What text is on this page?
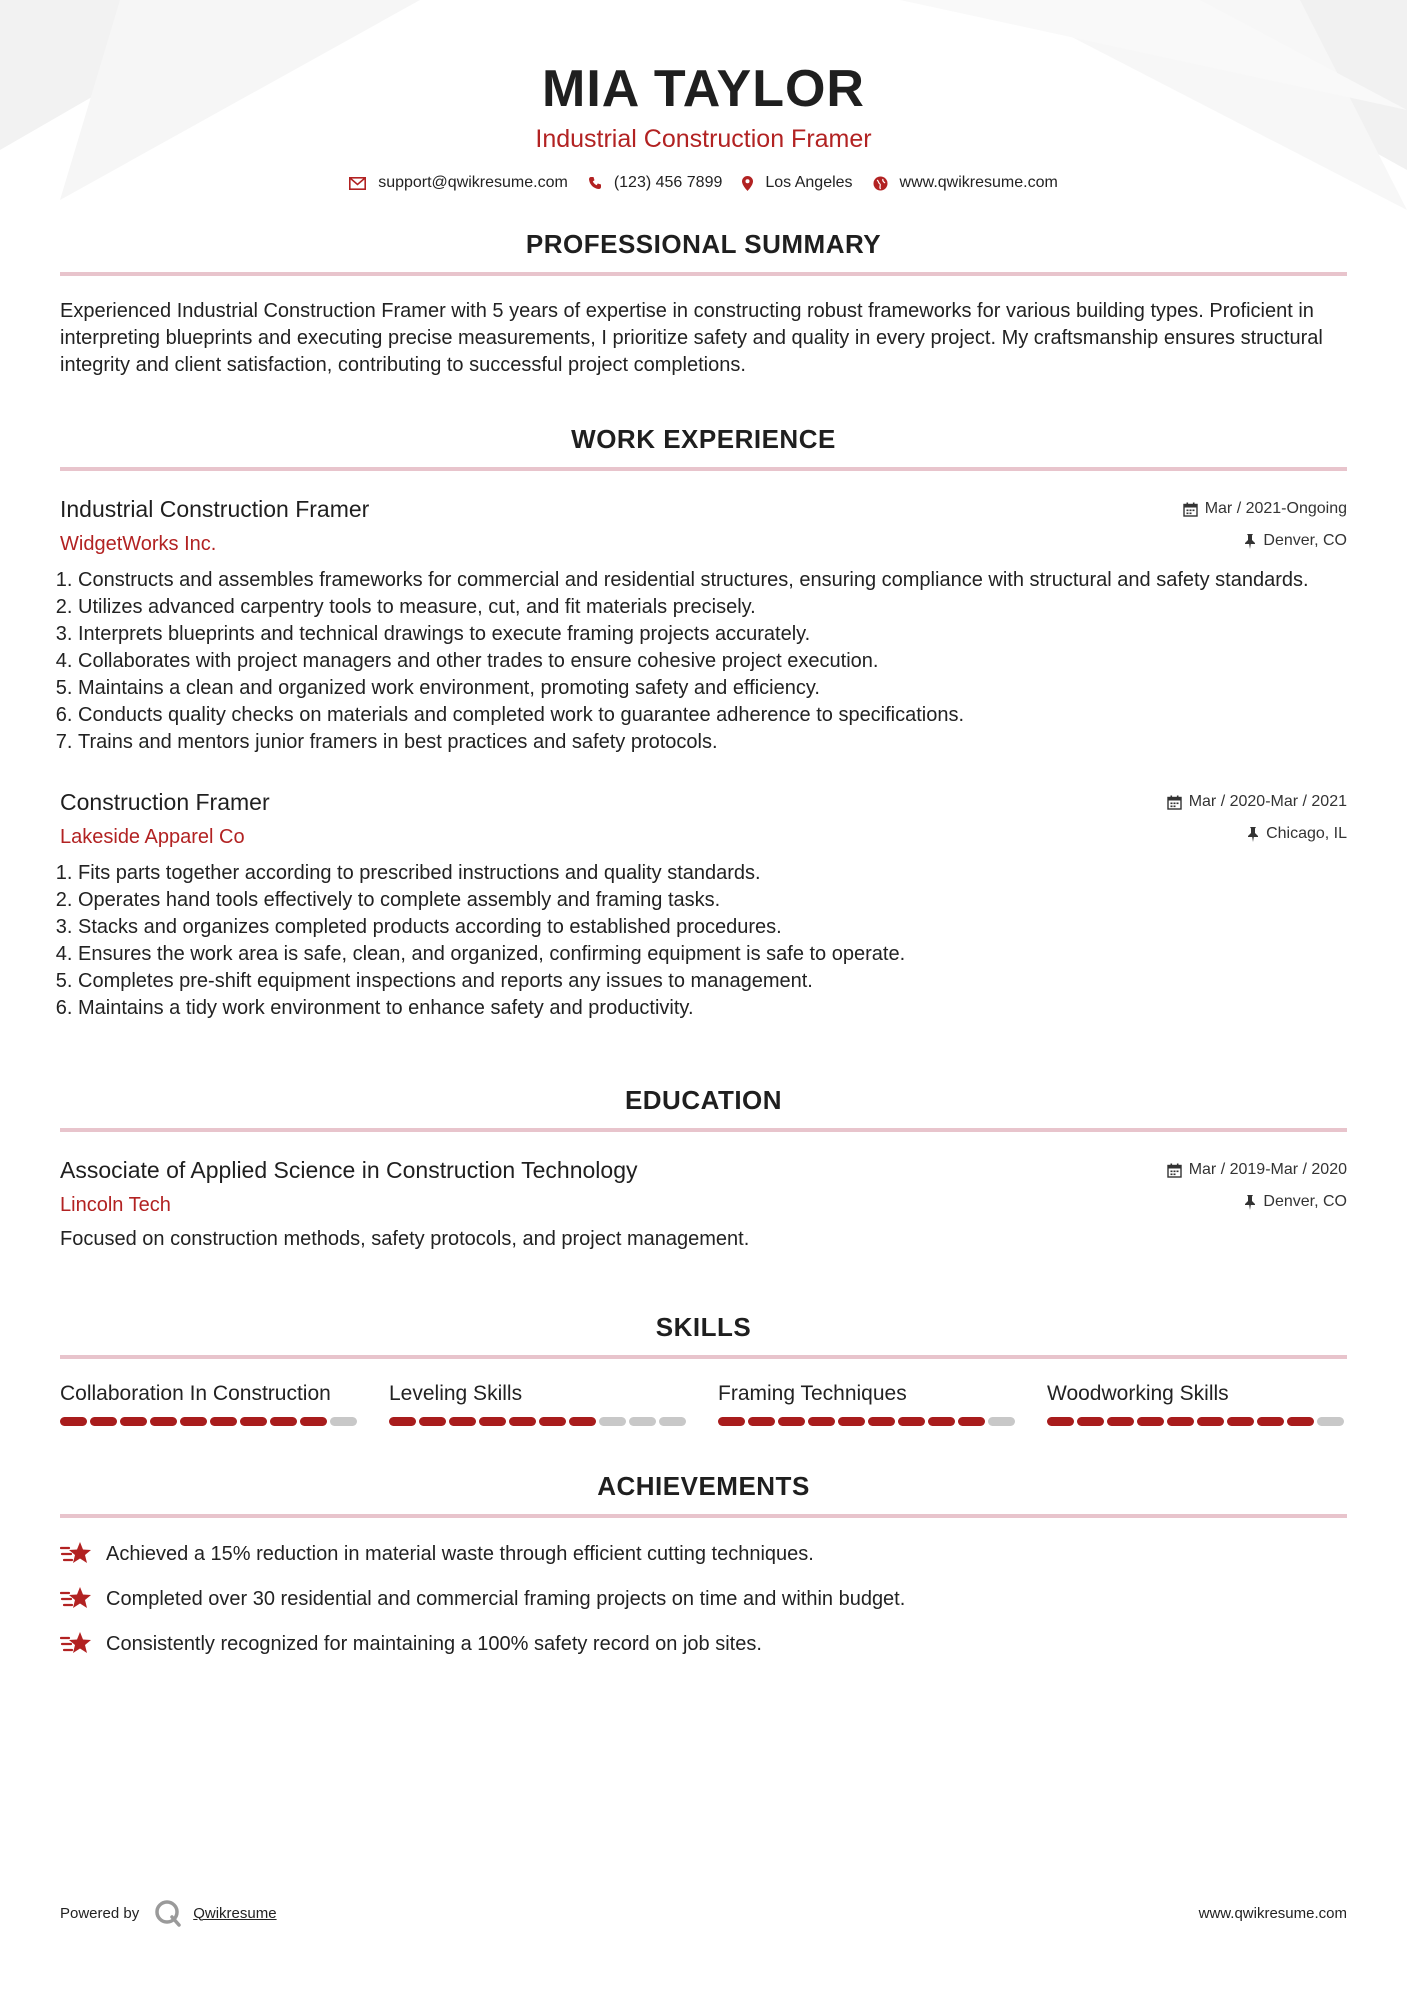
MIA TAYLOR
Industrial Construction Framer
support@qwikresume.com	(123) 456 7899	Los Angeles	www.qwikresume.com
PROFESSIONAL SUMMARY
Experienced Industrial Construction Framer with 5 years of expertise in constructing robust frameworks for various building types. Proficient in interpreting blueprints and executing precise measurements, I prioritize safety and quality in every project. My craftsmanship ensures structural integrity and client satisfaction, contributing to successful project completions.
WORK EXPERIENCE
Industrial Construction Framer
WidgetWorks Inc.
Mar / 2021-Ongoing
Denver, CO
1. Constructs and assembles frameworks for commercial and residential structures, ensuring compliance with structural and safety standards.
2. Utilizes advanced carpentry tools to measure, cut, and fit materials precisely.
3. Interprets blueprints and technical drawings to execute framing projects accurately.
4. Collaborates with project managers and other trades to ensure cohesive project execution.
5. Maintains a clean and organized work environment, promoting safety and efficiency.
6. Conducts quality checks on materials and completed work to guarantee adherence to specifications.
7. Trains and mentors junior framers in best practices and safety protocols.
Construction Framer
Lakeside Apparel Co
Mar / 2020-Mar / 2021
Chicago, IL
1. Fits parts together according to prescribed instructions and quality standards.
2. Operates hand tools effectively to complete assembly and framing tasks.
3. Stacks and organizes completed products according to established procedures.
4. Ensures the work area is safe, clean, and organized, confirming equipment is safe to operate.
5. Completes pre-shift equipment inspections and reports any issues to management.
6. Maintains a tidy work environment to enhance safety and productivity.
EDUCATION
Associate of Applied Science in Construction Technology
Lincoln Tech
Mar / 2019-Mar / 2020
Denver, CO
Focused on construction methods, safety protocols, and project management.
SKILLS
Collaboration In Construction	Leveling Skills	Framing Techniques	Woodworking Skills
ACHIEVEMENTS
Achieved a 15% reduction in material waste through efficient cutting techniques.
Completed over 30 residential and commercial framing projects on time and within budget.
Consistently recognized for maintaining a 100% safety record on job sites.
Powered by	Qwikresume	www.qwikresume.com
